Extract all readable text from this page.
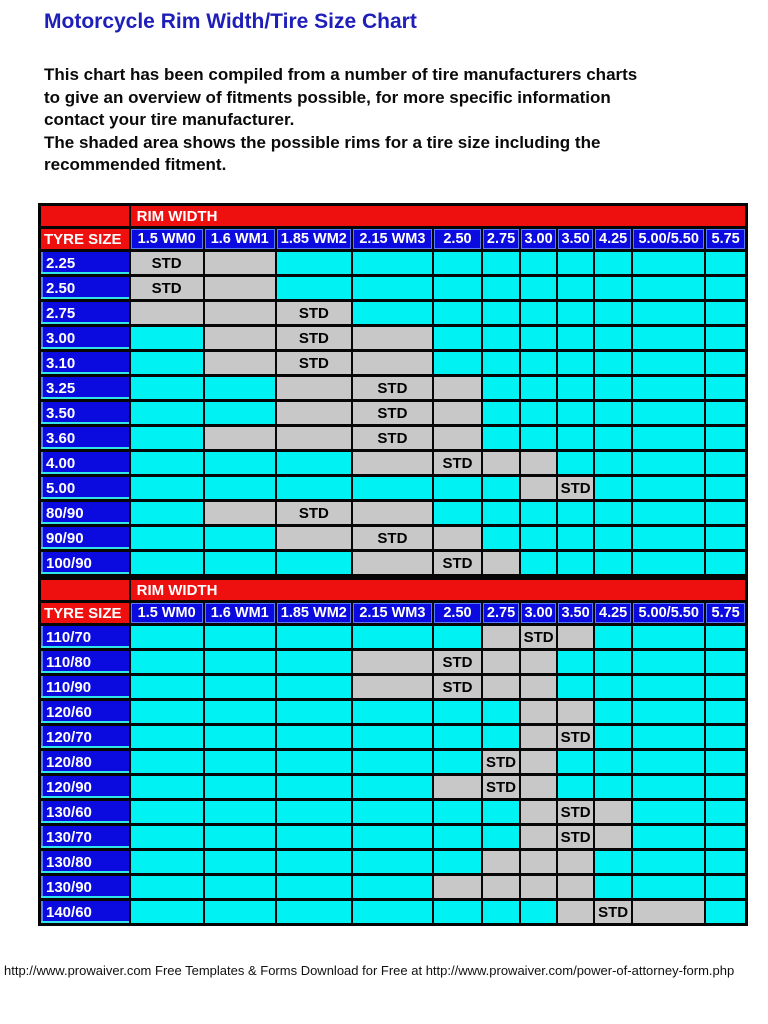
Motorcycle Rim Width/Tire Size Chart
This chart has been compiled from a number of tire manufacturers charts
to give an overview of fitments possible, for more specific information
contact your tire manufacturer.
The shaded area shows the possible rims for a tire size including the
recommended fitment.
	RIM WIDTH										
TYRE SIZE	1.5 WM0	1.6 WM1	1.85 WM2	2.15 WM3	2.50	2.75	3.00	3.50	4.25	5.00/5.50	5.75
2.25	STD										
2.50	STD										
2.75			STD								
3.00			STD								
3.10			STD								
3.25				STD							
3.50				STD							
3.60				STD							
4.00					STD						
5.00								STD			
80/90			STD								
90/90				STD							
100/90					STD						
	RIM WIDTH										
TYRE SIZE	1.5 WM0	1.6 WM1	1.85 WM2	2.15 WM3	2.50	2.75	3.00	3.50	4.25	5.00/5.50	5.75
110/70							STD				
110/80					STD						
110/90					STD						
120/60											
120/70								STD			
120/80						STD					
120/90						STD					
130/60								STD			
130/70								STD			
130/80											
130/90											
140/60									STD		
http://www.prowaiver.com Free Templates & Forms Download for Free at http://www.prowaiver.com/power-of-attorney-form.php
